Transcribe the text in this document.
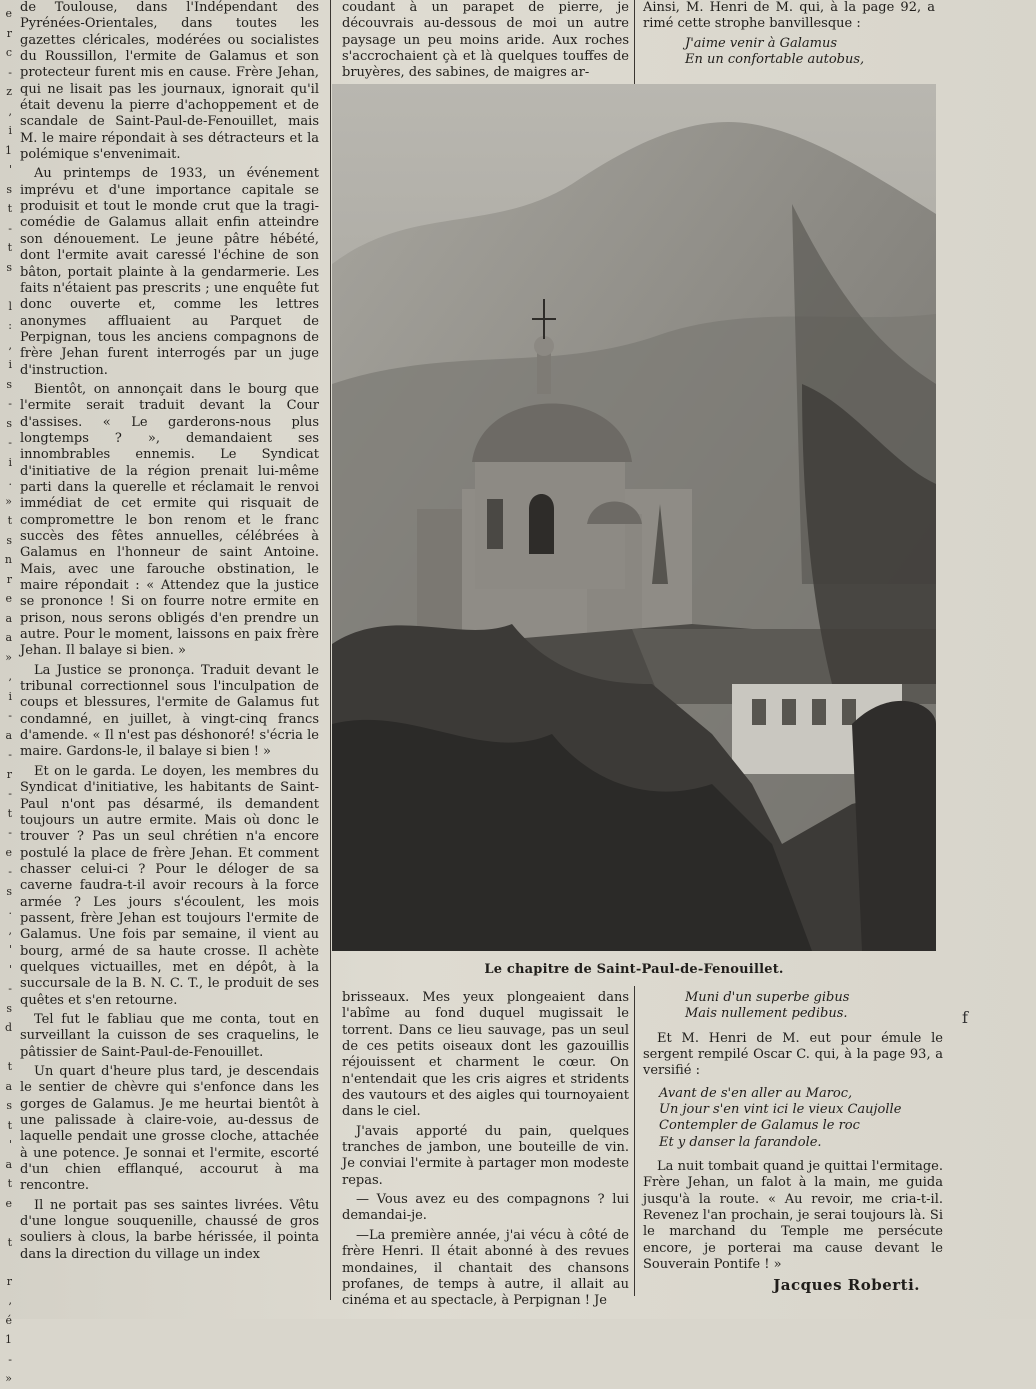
e
r
c
-
z
,
i
1
'
s
t
-
t
s
l
:
,
i
s
-
s
-
i
.
»
t
s
n
r
e
a
a
»
,
i
-
a
-
r
-
t
-
e
-
s
.
,
'
'
-
s
d
t
a
s
t
'
a
t
e
t
r
,
é
1
-
»

de Toulouse, dans l'Indépendant des Pyrénées-Orientales, dans toutes les gazettes cléricales, modérées ou socialistes du Roussillon, l'ermite de Galamus et son protecteur furent mis en cause. Frère Jehan, qui ne lisait pas les journaux, ignorait qu'il était devenu la pierre d'achoppement et de scandale de Saint-Paul-de-Fenouillet, mais M. le maire répondait à ses détracteurs et la polémique s'envenimait.

Au printemps de 1933, un événement imprévu et d'une importance capitale se produisit et tout le monde crut que la tragi-comédie de Galamus allait enfin atteindre son dénouement. Le jeune pâtre hébété, dont l'ermite avait caressé l'échine de son bâton, portait plainte à la gendarmerie. Les faits n'étaient pas prescrits ; une enquête fut donc ouverte et, comme les lettres anonymes affluaient au Parquet de Perpignan, tous les anciens compagnons de frère Jehan furent interrogés par un juge d'instruction.

Bientôt, on annonçait dans le bourg que l'ermite serait traduit devant la Cour d'assises. « Le garderons-nous plus longtemps ? », demandaient ses innombrables ennemis. Le Syndicat d'initiative de la région prenait lui-même parti dans la querelle et réclamait le renvoi immédiat de cet ermite qui risquait de compromettre le bon renom et le franc succès des fêtes annuelles, célébrées à Galamus en l'honneur de saint Antoine. Mais, avec une farouche obstination, le maire répondait : « Attendez que la justice se prononce ! Si on fourre notre ermite en prison, nous serons obligés d'en prendre un autre. Pour le moment, laissons en paix frère Jehan. Il balaye si bien. »

La Justice se prononça. Traduit devant le tribunal correctionnel sous l'inculpation de coups et blessures, l'ermite de Galamus fut condamné, en juillet, à vingt-cinq francs d'amende. « Il n'est pas déshonoré! s'écria le maire. Gardons-le, il balaye si bien ! »

Et on le garda. Le doyen, les membres du Syndicat d'initiative, les habitants de Saint-Paul n'ont pas désarmé, ils demandent toujours un autre ermite. Mais où donc le trouver ? Pas un seul chrétien n'a encore postulé la place de frère Jehan. Et comment chasser celui-ci ? Pour le déloger de sa caverne faudra-t-il avoir recours à la force armée ? Les jours s'écoulent, les mois passent, frère Jehan est toujours l'ermite de Galamus. Une fois par semaine, il vient au bourg, armé de sa haute crosse. Il achète quelques victuailles, met en dépôt, à la succursale de la B. N. C. T., le produit de ses quêtes et s'en retourne.

Tel fut le fabliau que me conta, tout en surveillant la cuisson de ses craquelins, le pâtissier de Saint-Paul-de-Fenouillet.

Un quart d'heure plus tard, je descendais le sentier de chèvre qui s'enfonce dans les gorges de Galamus. Je me heurtai bientôt à une palissade à claire-voie, au-dessus de laquelle pendait une grosse cloche, attachée à une potence. Je sonnai et l'ermite, escorté d'un chien efflanqué, accourut à ma rencontre.

Il ne portait pas ses saintes livrées. Vêtu d'une longue souquenille, chaussé de gros souliers à clous, la barbe hérissée, il pointa dans la direction du village un index

coudant à un parapet de pierre, je découvrais au-dessous de moi un autre paysage un peu moins aride. Aux roches s'accrochaient çà et là quelques touffes de bruyères, des sabines, de maigres ar-

Ainsi, M. Henri de M. qui, à la page 92, a rimé cette strophe banvillesque :

J'aime venir à Galamus
En un confortable autobus,
Le chapitre de Saint-Paul-de-Fenouillet.

brisseaux. Mes yeux plongeaient dans l'abîme au fond duquel mugissait le torrent. Dans ce lieu sauvage, pas un seul de ces petits oiseaux dont les gazouillis réjouissent et charment le cœur. On n'entendait que les cris aigres et stridents des vautours et des aigles qui tournoyaient dans le ciel.

J'avais apporté du pain, quelques tranches de jambon, une bouteille de vin. Je conviai l'ermite à partager mon modeste repas.

— Vous avez eu des compagnons ? lui demandai-je.

—La première année, j'ai vécu à côté de frère Henri. Il était abonné à des revues mondaines, il chantait des chansons profanes, de temps à autre, il allait au cinéma et au spectacle, à Perpignan ! Je

Muni d'un superbe gibus
Mais nullement pedibus.

Et M. Henri de M. eut pour émule le sergent rempilé Oscar C. qui, à la page 93, a versifié :

Avant de s'en aller au Maroc,
Un jour s'en vint ici le vieux Caujolle
Contempler de Galamus le roc
Et y danser la farandole.

La nuit tombait quand je quittai l'ermitage. Frère Jehan, un falot à la main, me guida jusqu'à la route. « Au revoir, me cria-t-il. Revenez l'an prochain, je serai toujours là. Si le marchand du Temple me persécute encore, je porterai ma cause devant le Souverain Pontife ! »

Jacques Roberti.
f
